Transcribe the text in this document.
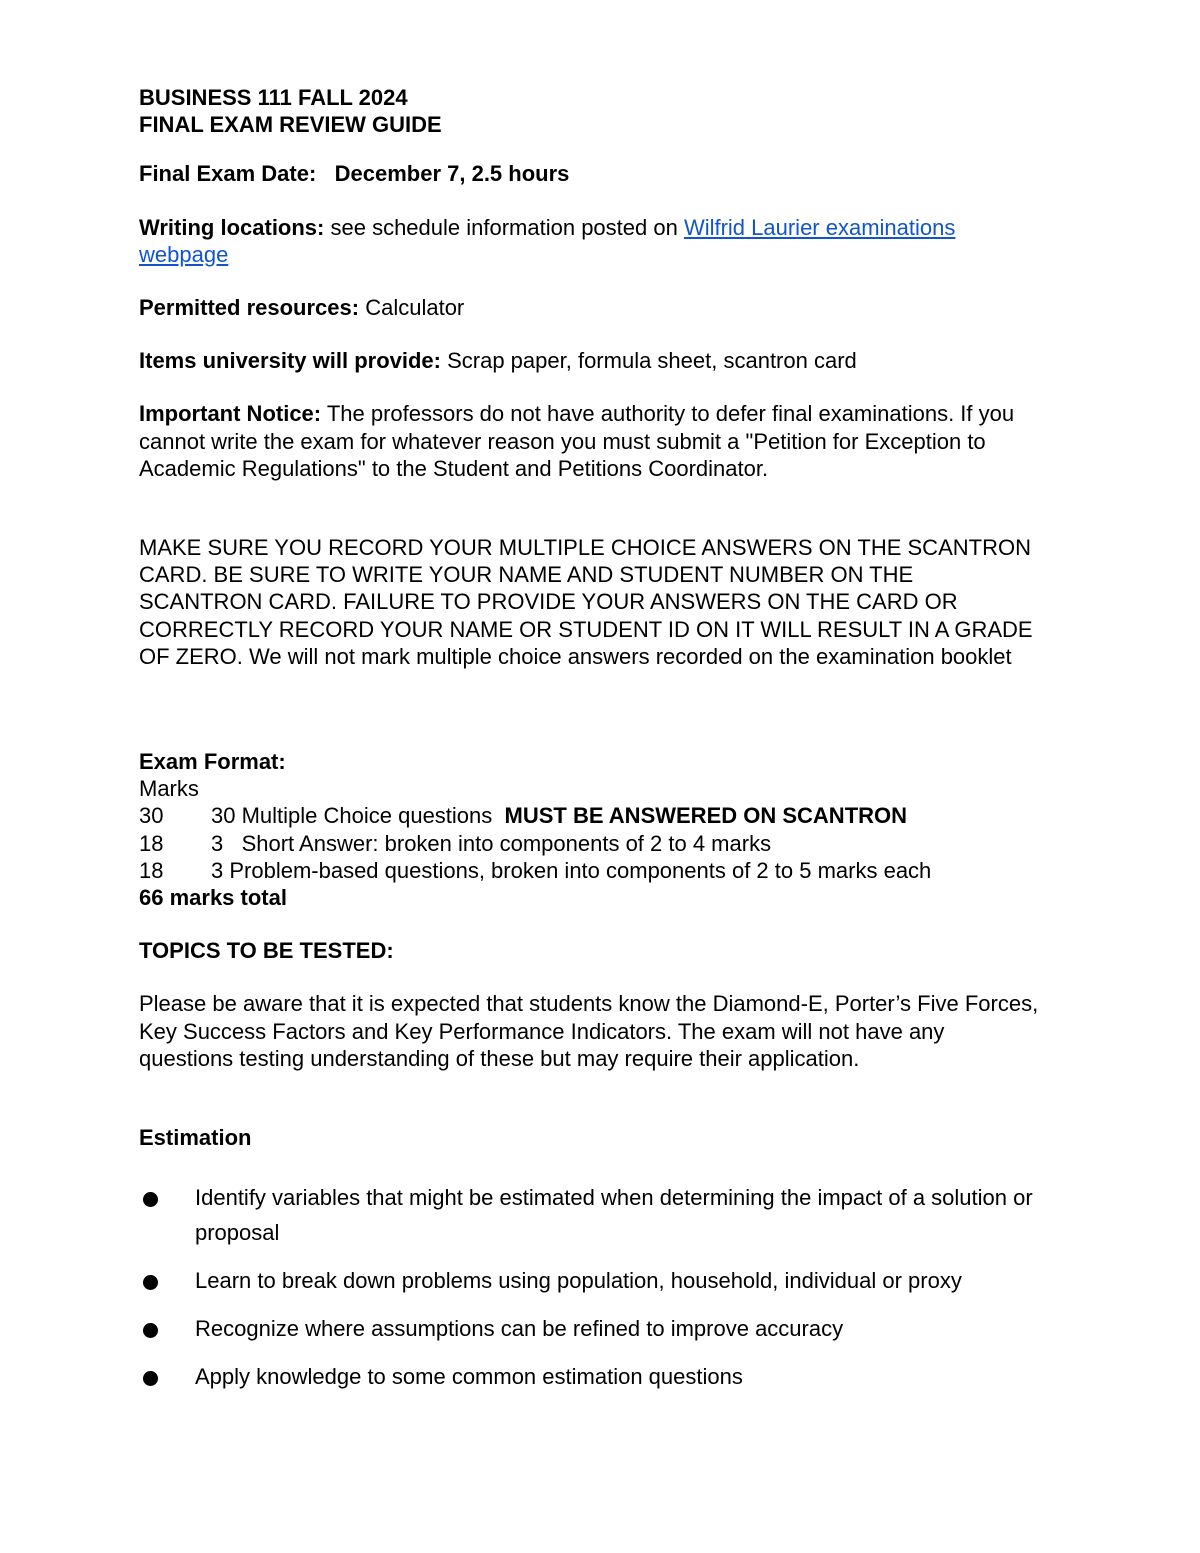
BUSINESS 111 FALL 2024

FINAL EXAM REVIEW GUIDE

Final Exam Date: December 7, 2.5 hours

Writing locations: see schedule information posted on Wilfrid Laurier examinations webpage

Permitted resources: Calculator

Items university will provide: Scrap paper, formula sheet, scantron card

Important Notice: The professors do not have authority to defer final examinations. If you cannot write the exam for whatever reason you must submit a "Petition for Exception to Academic Regulations" to the Student and Petitions Coordinator.

MAKE SURE YOU RECORD YOUR MULTIPLE CHOICE ANSWERS ON THE SCANTRON CARD. BE SURE TO WRITE YOUR NAME AND STUDENT NUMBER ON THE SCANTRON CARD. FAILURE TO PROVIDE YOUR ANSWERS ON THE CARD OR CORRECTLY RECORD YOUR NAME OR STUDENT ID ON IT WILL RESULT IN A GRADE OF ZERO. We will not mark multiple choice answers recorded on the examination booklet

Exam Format:

Marks

30	30 Multiple Choice questions  MUST BE ANSWERED ON SCANTRON
18	3   Short Answer: broken into components of 2 to 4 marks
18	3 Problem-based questions, broken into components of 2 to 5 marks each

66 marks total

TOPICS TO BE TESTED:

Please be aware that it is expected that students know the Diamond-E, Porter’s Five Forces, Key Success Factors and Key Performance Indicators. The exam will not have any questions testing understanding of these but may require their application.

Estimation

Identify variables that might be estimated when determining the impact of a solution or proposal
Learn to break down problems using population, household, individual or proxy
Recognize where assumptions can be refined to improve accuracy
Apply knowledge to some common estimation questions
